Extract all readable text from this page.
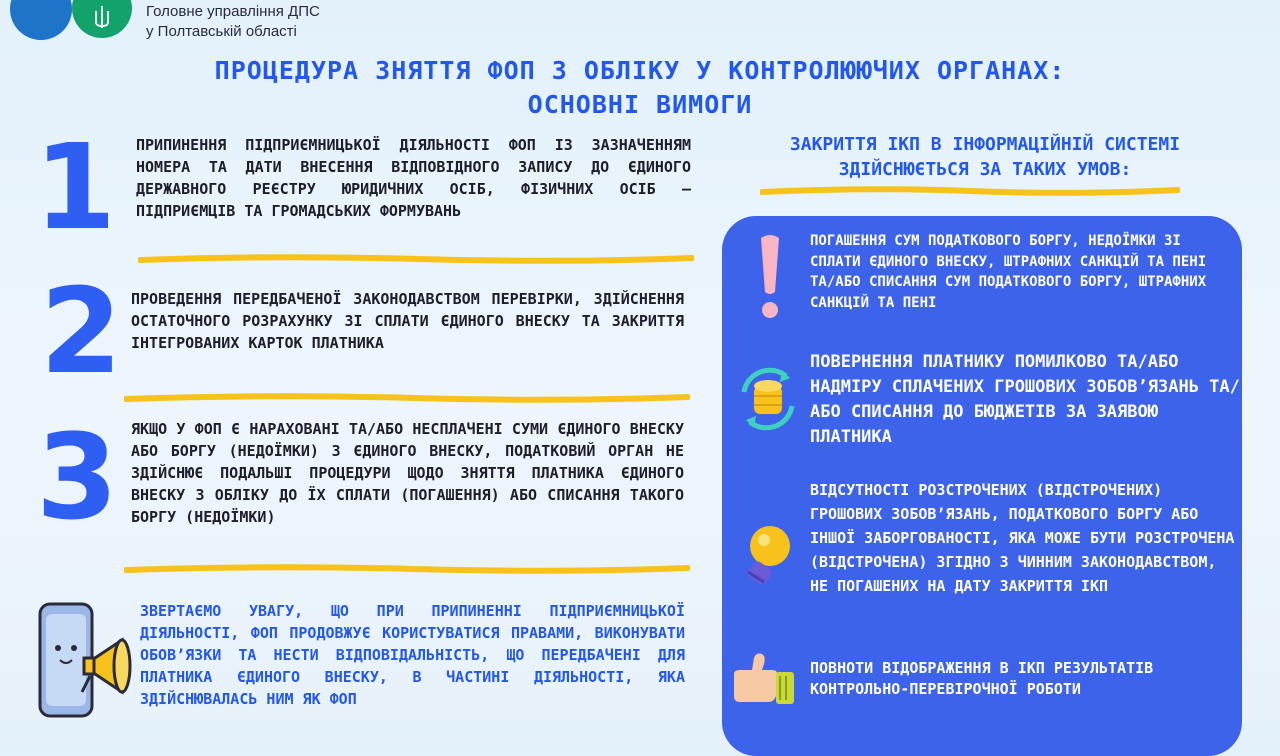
Головне управління ДПС
у Полтавській області
ПРОЦЕДУРА ЗНЯТТЯ ФОП З ОБЛІКУ У КОНТРОЛЮЮЧИХ ОРГАНАХ:
ОСНОВНІ ВИМОГИ
1 ПРИПИНЕННЯ ПІДПРИЄМНИЦЬКОЇ ДІЯЛЬНОСТІ ФОП ІЗ ЗАЗНАЧЕННЯМ НОМЕРА ТА ДАТИ ВНЕСЕННЯ ВІДПОВІДНОГО ЗАПИСУ ДО ЄДИНОГО ДЕРЖАВНОГО РЕЄСТРУ ЮРИДИЧНИХ ОСІБ, ФІЗИЧНИХ ОСІБ – ПІДПРИЄМЦІВ ТА ГРОМАДСЬКИХ ФОРМУВАНЬ
2 ПРОВЕДЕННЯ ПЕРЕДБАЧЕНОЇ ЗАКОНОДАВСТВОМ ПЕРЕВІРКИ, ЗДІЙСНЕННЯ ОСТАТОЧНОГО РОЗРАХУНКУ ЗІ СПЛАТИ ЄДИНОГО ВНЕСКУ ТА ЗАКРИТТЯ ІНТЕГРОВАНИХ КАРТОК ПЛАТНИКА
3 ЯКЩО У ФОП Є НАРАХОВАНІ ТА/АБО НЕСПЛАЧЕНІ СУМИ ЄДИНОГО ВНЕСКУ АБО БОРГУ (НЕДОЇМКИ) З ЄДИНОГО ВНЕСКУ, ПОДАТКОВИЙ ОРГАН НЕ ЗДІЙСНЮЄ ПОДАЛЬШІ ПРОЦЕДУРИ ЩОДО ЗНЯТТЯ ПЛАТНИКА ЄДИНОГО ВНЕСКУ З ОБЛІКУ ДО ЇХ СПЛАТИ (ПОГАШЕННЯ) АБО СПИСАННЯ ТАКОГО БОРГУ (НЕДОЇМКИ)
ЗВЕРТАЄМО УВАГУ, ЩО ПРИ ПРИПИНЕННІ ПІДПРИЄМНИЦЬКОЇ ДІЯЛЬНОСТІ, ФОП ПРОДОВЖУЄ КОРИСТУВАТИСЯ ПРАВАМИ, ВИКОНУВАТИ ОБОВ’ЯЗКИ ТА НЕСТИ ВІДПОВІДАЛЬНІСТЬ, ЩО ПЕРЕДБАЧЕНІ ДЛЯ ПЛАТНИКА ЄДИНОГО ВНЕСКУ, В ЧАСТИНІ ДІЯЛЬНОСТІ, ЯКА ЗДІЙСНЮВАЛАСЬ НИМ ЯК ФОП
ЗАКРИТТЯ ІКП В ІНФОРМАЦІЙНІЙ СИСТЕМІ
ЗДІЙСНЮЄТЬСЯ ЗА ТАКИХ УМОВ:
ПОГАШЕННЯ СУМ ПОДАТКОВОГО БОРГУ, НЕДОЇМКИ ЗІ СПЛАТИ ЄДИНОГО ВНЕСКУ, ШТРАФНИХ САНКЦІЙ ТА ПЕНІ ТА/АБО СПИСАННЯ СУМ ПОДАТКОВОГО БОРГУ, ШТРАФНИХ САНКЦІЙ ТА ПЕНІ
ПОВЕРНЕННЯ ПЛАТНИКУ ПОМИЛКОВО ТА/АБО НАДМІРУ СПЛАЧЕНИХ ГРОШОВИХ ЗОБОВ’ЯЗАНЬ ТА/АБО СПИСАННЯ ДО БЮДЖЕТІВ ЗА ЗАЯВОЮ ПЛАТНИКА
ВІДСУТНОСТІ РОЗСТРОЧЕНИХ (ВІДСТРОЧЕНИХ) ГРОШОВИХ ЗОБОВ’ЯЗАНЬ, ПОДАТКОВОГО БОРГУ АБО ІНШОЇ ЗАБОРГОВАНОСТІ, ЯКА МОЖЕ БУТИ РОЗСТРОЧЕНА (ВІДСТРОЧЕНА) ЗГІДНО З ЧИННИМ ЗАКОНОДАВСТВОМ, НЕ ПОГАШЕНИХ НА ДАТУ ЗАКРИТТЯ ІКП
ПОВНОТИ ВІДОБРАЖЕННЯ В ІКП РЕЗУЛЬТАТІВ КОНТРОЛЬНО-ПЕРЕВІРОЧНОЇ РОБОТИ
